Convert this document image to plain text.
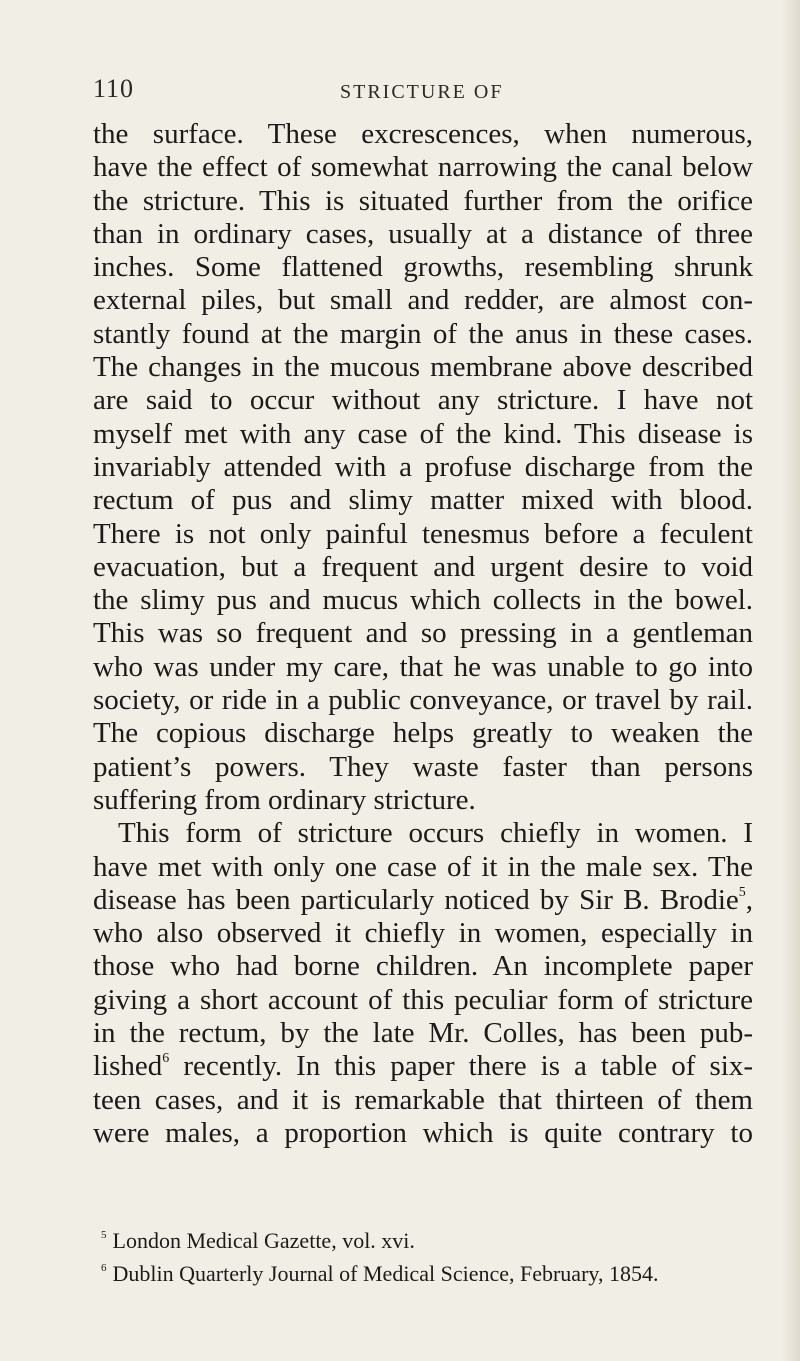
110	STRICTURE OF
the surface. These excrescences, when numerous,
have the effect of somewhat narrowing the canal below
the stricture. This is situated further from the orifice
than in ordinary cases, usually at a distance of three
inches. Some flattened growths, resembling shrunk
external piles, but small and redder, are almost con-
stantly found at the margin of the anus in these cases.
The changes in the mucous membrane above described
are said to occur without any stricture. I have not
myself met with any case of the kind. This disease is
invariably attended with a profuse discharge from the
rectum of pus and slimy matter mixed with blood.
There is not only painful tenesmus before a feculent
evacuation, but a frequent and urgent desire to void
the slimy pus and mucus which collects in the bowel.
This was so frequent and so pressing in a gentleman
who was under my care, that he was unable to go into
society, or ride in a public conveyance, or travel by rail.
The copious discharge helps greatly to weaken the
patient’s powers. They waste faster than persons
suffering from ordinary stricture.
This form of stricture occurs chiefly in women. I
have met with only one case of it in the male sex. The
disease has been particularly noticed by Sir B. Brodie$^5$,
who also observed it chiefly in women, especially in
those who had borne children. An incomplete paper
giving a short account of this peculiar form of stricture
in the rectum, by the late Mr. Colles, has been pub-
lished$^6$ recently. In this paper there is a table of six-
teen cases, and it is remarkable that thirteen of them
were males, a proportion which is quite contrary to
$^5$ London Medical Gazette, vol. xvi.
$^6$ Dublin Quarterly Journal of Medical Science, February, 1854.
